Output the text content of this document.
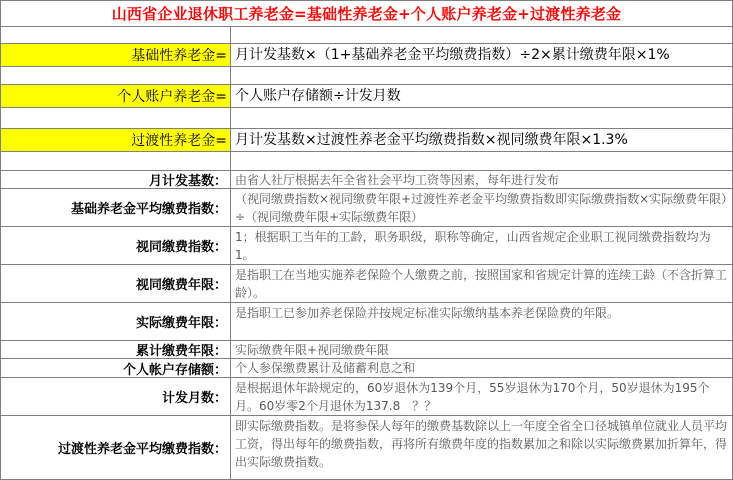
山西省企业退休职工养老金=基础性养老金+个人账户养老金+过渡性养老金
基础性养老金= 月计发基数×（1+基础养老金平均缴费指数）÷2×累计缴费年限×1%
个人账户养老金= 个人账户存储额÷计发月数
过渡性养老金= 月计发基数×过渡性养老金平均缴费指数×视同缴费年限×1.3%
月计发基数： 由省人社厅根据去年全省社会平均工资等因素，每年进行发布
基础养老金平均缴费指数：
（视同缴费指数×视同缴费年限+过渡性养老金平均缴费指数即实际缴费指数×实际缴费年限）÷（视同缴费年限+实际缴费年限）
视同缴费指数：
1；根据职工当年的工龄，职务职级，职称等确定，山西省规定企业职工视同缴费指数均为1。
视同缴费年限：
是指职工在当地实施养老保险个人缴费之前，按照国家和省规定计算的连续工龄（不含折算工龄）。
实际缴费年限：
是指职工已参加养老保险并按规定标准实际缴纳基本养老保险费的年限。
累计缴费年限： 实际缴费年限+视同缴费年限
个人帐户存储额： 个人参保缴费累计及储蓄利息之和
计发月数：
是根据退休年龄规定的，60岁退休为139个月，55岁退休为170个月，50岁退休为195个月。60岁零2个月退休为137.8　？？
过渡性养老金平均缴费指数：
即实际缴费指数。是将参保人每年的缴费基数除以上一年度全省全口径城镇单位就业人员平均工资，得出每年的缴费指数，再将所有缴费年度的指数累加之和除以实际缴费累加折算年，得出实际缴费指数。
